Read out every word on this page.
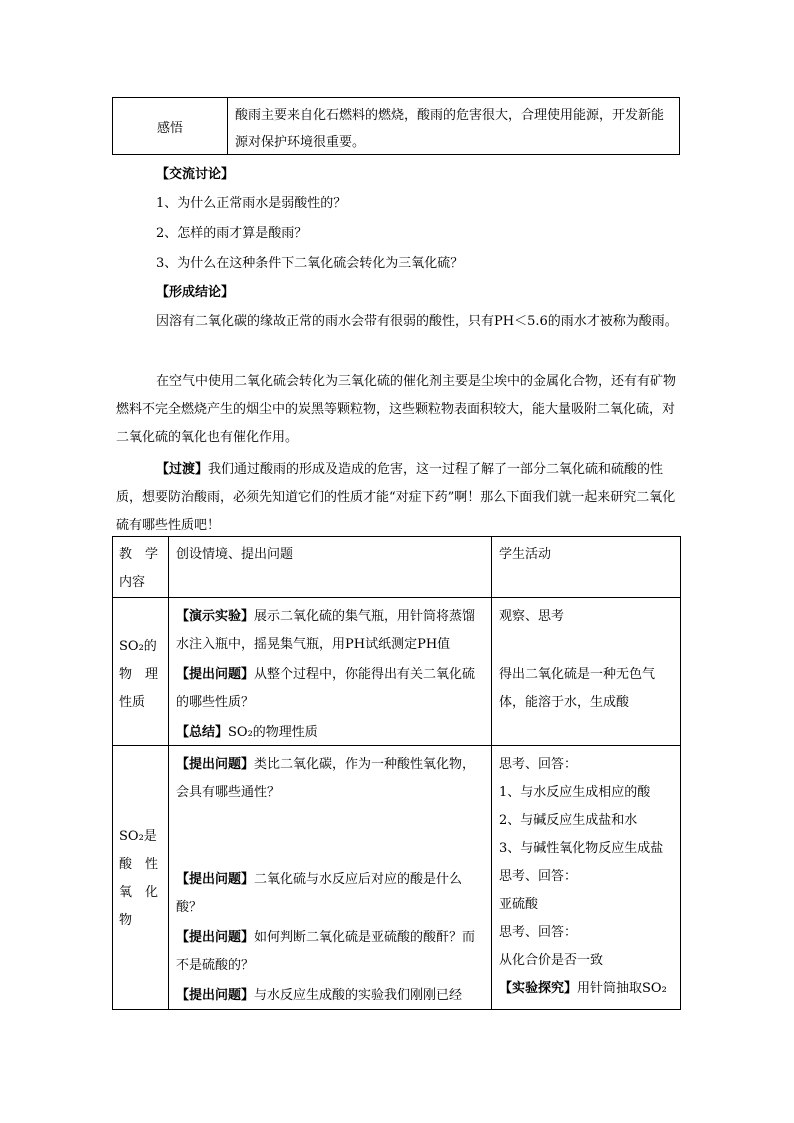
感悟
酸雨主要来自化石燃料的燃烧，酸雨的危害很大，合理使用能源，开发新能源对保护环境很重要。
【交流讨论】
1、为什么正常雨水是弱酸性的？
2、怎样的雨才算是酸雨？
3、为什么在这种条件下二氧化硫会转化为三氧化硫？
【形成结论】
因溶有二氧化碳的缘故正常的雨水会带有很弱的酸性，只有PH＜5.6的雨水才被称为酸雨。
在空气中使用二氧化硫会转化为三氧化硫的催化剂主要是尘埃中的金属化合物，还有有矿物燃料不完全燃烧产生的烟尘中的炭黑等颗粒物，这些颗粒物表面积较大，能大量吸附二氧化硫，对二氧化硫的氧化也有催化作用。
【过渡】我们通过酸雨的形成及造成的危害，这一过程了解了一部分二氧化硫和硫酸的性质，想要防治酸雨，必须先知道它们的性质才能“对症下药”啊！那么下面我们就一起来研究二氧化硫有哪些性质吧！
教　学内容
创设情境、提出问题	学生活动
SO₂的物　理性质
【演示实验】展示二氧化硫的集气瓶，用针筒将蒸馏水注入瓶中，摇晃集气瓶，用PH试纸测定PH值
【提出问题】从整个过程中，你能得出有关二氧化硫的哪些性质？
【总结】SO₂的物理性质
观察、思考
得出二氧化硫是一种无色气体，能溶于水，生成酸
SO₂是酸　性氧　化物
【提出问题】类比二氧化碳，作为一种酸性氧化物，会具有哪些通性？
【提出问题】二氧化硫与水反应后对应的酸是什么酸？
【提出问题】如何判断二氧化硫是亚硫酸的酸酐？而不是硫酸的？
【提出问题】与水反应生成酸的实验我们刚刚已经
思考、回答：
1、与水反应生成相应的酸
2、与碱反应生成盐和水
3、与碱性氧化物反应生成盐
思考、回答：
亚硫酸
思考、回答：
从化合价是否一致
【实验探究】用针筒抽取SO₂
